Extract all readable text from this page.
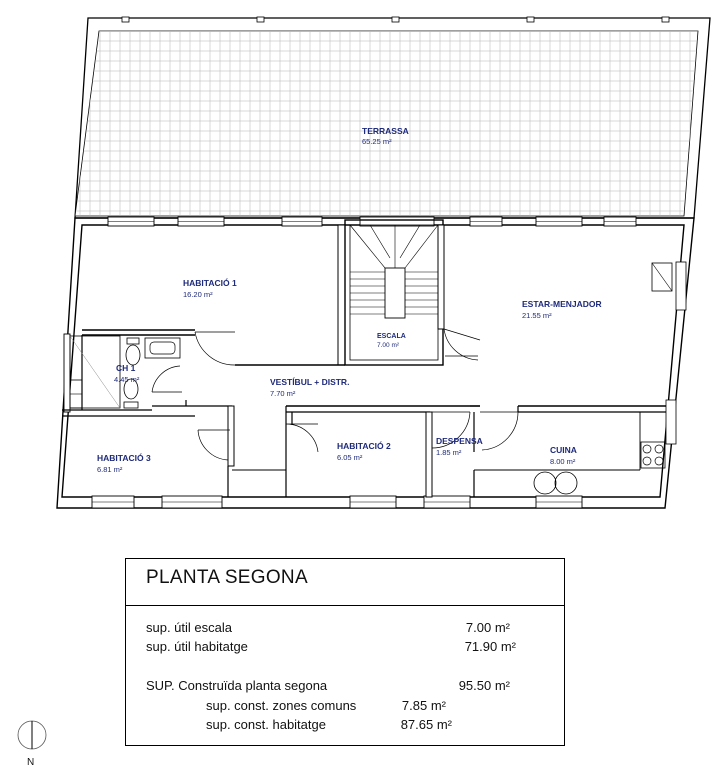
TERRASSA
65.25 m²
HABITACIÓ 1
16.20 m²
ESCALA
7.00 m²
ESTAR-MENJADOR
21.55 m²
CH 1
4.45 m²	VESTÍBUL + DISTR.
7.70 m²
HABITACIÓ 3
6.81 m²
HABITACIÓ 2
6.05 m²
DESPENSA
1.85 m²	CUINA
8.00 m²
PLANTA SEGONA
sup. útil escala	7.00 m²
sup. útil habitatge	71.90 m²
SUP. Construïda planta segona	95.50 m²
sup. const. zones comuns	7.85 m²
sup. const. habitatge	87.65 m²
N
